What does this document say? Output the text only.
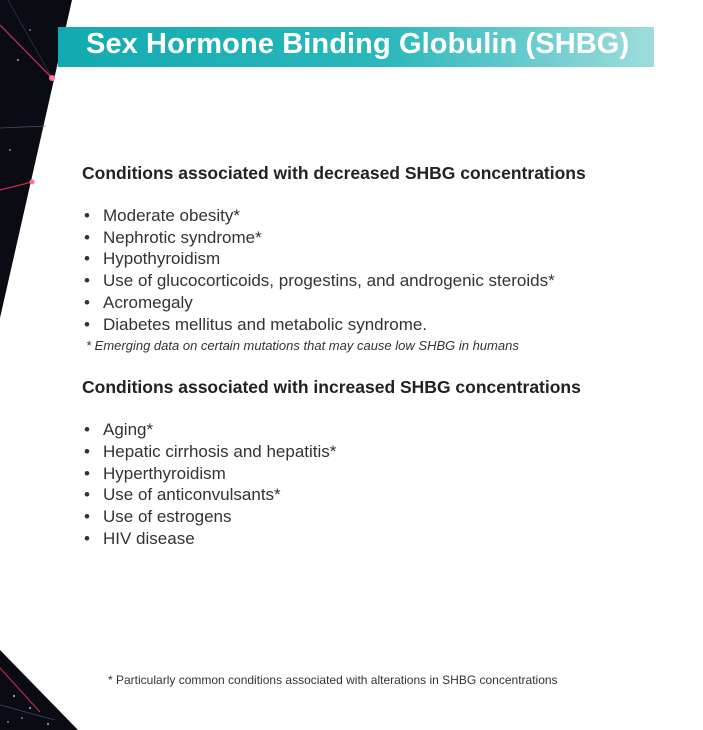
Sex Hormone Binding Globulin (SHBG)
Conditions associated with decreased SHBG concentrations
• Moderate obesity*
• Nephrotic syndrome*
• Hypothyroidism
• Use of glucocorticoids, progestins, and androgenic steroids*
• Acromegaly
• Diabetes mellitus and metabolic syndrome.
* Emerging data on certain mutations that may cause low SHBG in humans
Conditions associated with increased SHBG concentrations
• Aging*
• Hepatic cirrhosis and hepatitis*
• Hyperthyroidism
• Use of anticonvulsants*
• Use of estrogens
• HIV disease
* Particularly common conditions associated with alterations in SHBG concentrations
